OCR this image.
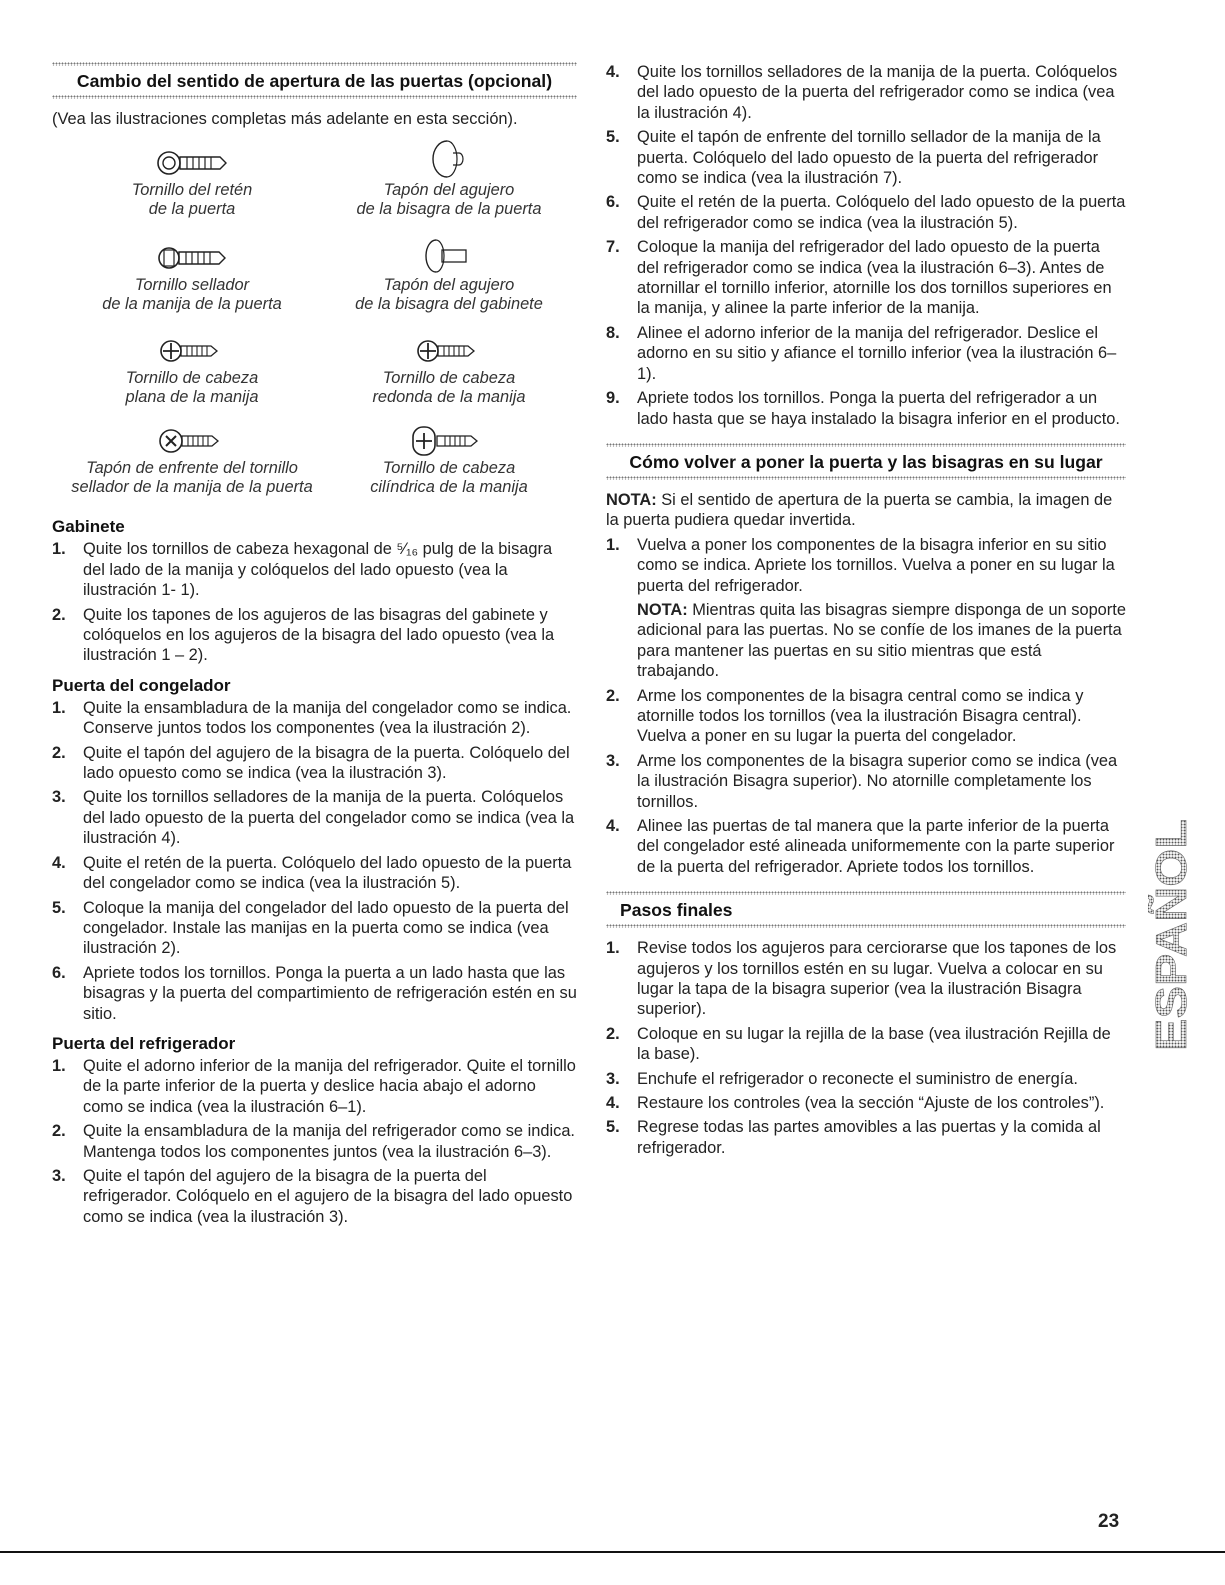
Cambio del sentido de apertura de las puertas (opcional)

(Vea las ilustraciones completas más adelante en esta sección).

Tornillo del retén
de la puerta
Tapón del agujero
de la bisagra de la puerta
Tornillo sellador
de la manija de la puerta
Tapón del agujero
de la bisagra del gabinete
Tornillo de cabeza
plana de la manija
Tornillo de cabeza
redonda de la manija
Tapón de enfrente del tornillo
sellador de la manija de la puerta
Tornillo de cabeza
cilíndrica de la manija
Gabinete
1. Quite los tornillos de cabeza hexagonal de ⁵⁄₁₆ pulg de la bisagra del lado de la manija y colóquelos del lado opuesto (vea la ilustración 1- 1).
2. Quite los tapones de los agujeros de las bisagras del gabinete y colóquelos en los agujeros de la bisagra del lado opuesto (vea la ilustración 1 – 2).
Puerta del congelador
1. Quite la ensambladura de la manija del congelador como se indica. Conserve juntos todos los componentes (vea la ilustración 2).
2. Quite el tapón del agujero de la bisagra de la puerta. Colóquelo del lado opuesto como se indica (vea la ilustración 3).
3. Quite los tornillos selladores de la manija de la puerta. Colóquelos del lado opuesto de la puerta del congelador como se indica (vea la ilustración 4).
4. Quite el retén de la puerta. Colóquelo del lado opuesto de la puerta del congelador como se indica (vea la ilustración 5).
5. Coloque la manija del congelador del lado opuesto de la puerta del congelador. Instale las manijas en la puerta como se indica (vea ilustración 2).
6. Apriete todos los tornillos. Ponga la puerta a un lado hasta que las bisagras y la puerta del compartimiento de refrigeración estén en su sitio.
Puerta del refrigerador
1. Quite el adorno inferior de la manija del refrigerador. Quite el tornillo de la parte inferior de la puerta y deslice hacia abajo el adorno como se indica (vea la ilustración 6–1).
2. Quite la ensambladura de la manija del refrigerador como se indica. Mantenga todos los componentes juntos (vea la ilustración 6–3).
3. Quite el tapón del agujero de la bisagra de la puerta del refrigerador. Colóquelo en el agujero de la bisagra del lado opuesto como se indica (vea la ilustración 3).
4. Quite los tornillos selladores de la manija de la puerta. Colóquelos del lado opuesto de la puerta del refrigerador como se indica (vea la ilustración 4).
5. Quite el tapón de enfrente del tornillo sellador de la manija de la puerta. Colóquelo del lado opuesto de la puerta del refrigerador como se indica (vea la ilustración 7).
6. Quite el retén de la puerta. Colóquelo del lado opuesto de la puerta del refrigerador como se indica (vea la ilustración 5).
7. Coloque la manija del refrigerador del lado opuesto de la puerta del refrigerador como se indica (vea la ilustración 6–3). Antes de atornillar el tornillo inferior, atornille los dos tornillos superiores en la manija, y alinee la parte inferior de la manija.
8. Alinee el adorno inferior de la manija del refrigerador. Deslice el adorno en su sitio y afiance el tornillo inferior (vea la ilustración 6–1).
9. Apriete todos los tornillos. Ponga la puerta del refrigerador a un lado hasta que se haya instalado la bisagra inferior en el producto.
Cómo volver a poner la puerta y las bisagras en su lugar

NOTA: Si el sentido de apertura de la puerta se cambia, la imagen de la puerta pudiera quedar invertida.

1. Vuelva a poner los componentes de la bisagra inferior en su sitio como se indica. Apriete los tornillos. Vuelva a poner en su lugar la puerta del refrigerador.
NOTA: Mientras quita las bisagras siempre disponga de un soporte adicional para las puertas. No se confíe de los imanes de la puerta para mantener las puertas en su sitio mientras que está trabajando.
2. Arme los componentes de la bisagra central como se indica y atornille todos los tornillos (vea la ilustración Bisagra central). Vuelva a poner en su lugar la puerta del congelador.
3. Arme los componentes de la bisagra superior como se indica (vea la ilustración Bisagra superior). No atornille completamente los tornillos.
4. Alinee las puertas de tal manera que la parte inferior de la puerta del congelador esté alineada uniformemente con la parte superior de la puerta del refrigerador. Apriete todos los tornillos.
Pasos finales
1. Revise todos los agujeros para cerciorarse que los tapones de los agujeros y los tornillos estén en su lugar. Vuelva a colocar en su lugar la tapa de la bisagra superior (vea la ilustración Bisagra superior).
2. Coloque en su lugar la rejilla de la base (vea ilustración Rejilla de la base).
3. Enchufe el refrigerador o reconecte el suministro de energía.
4. Restaure los controles (vea la sección “Ajuste de los controles”).
5. Regrese todas las partes amovibles a las puertas y la comida al refrigerador.
ESPAÑOL
23
